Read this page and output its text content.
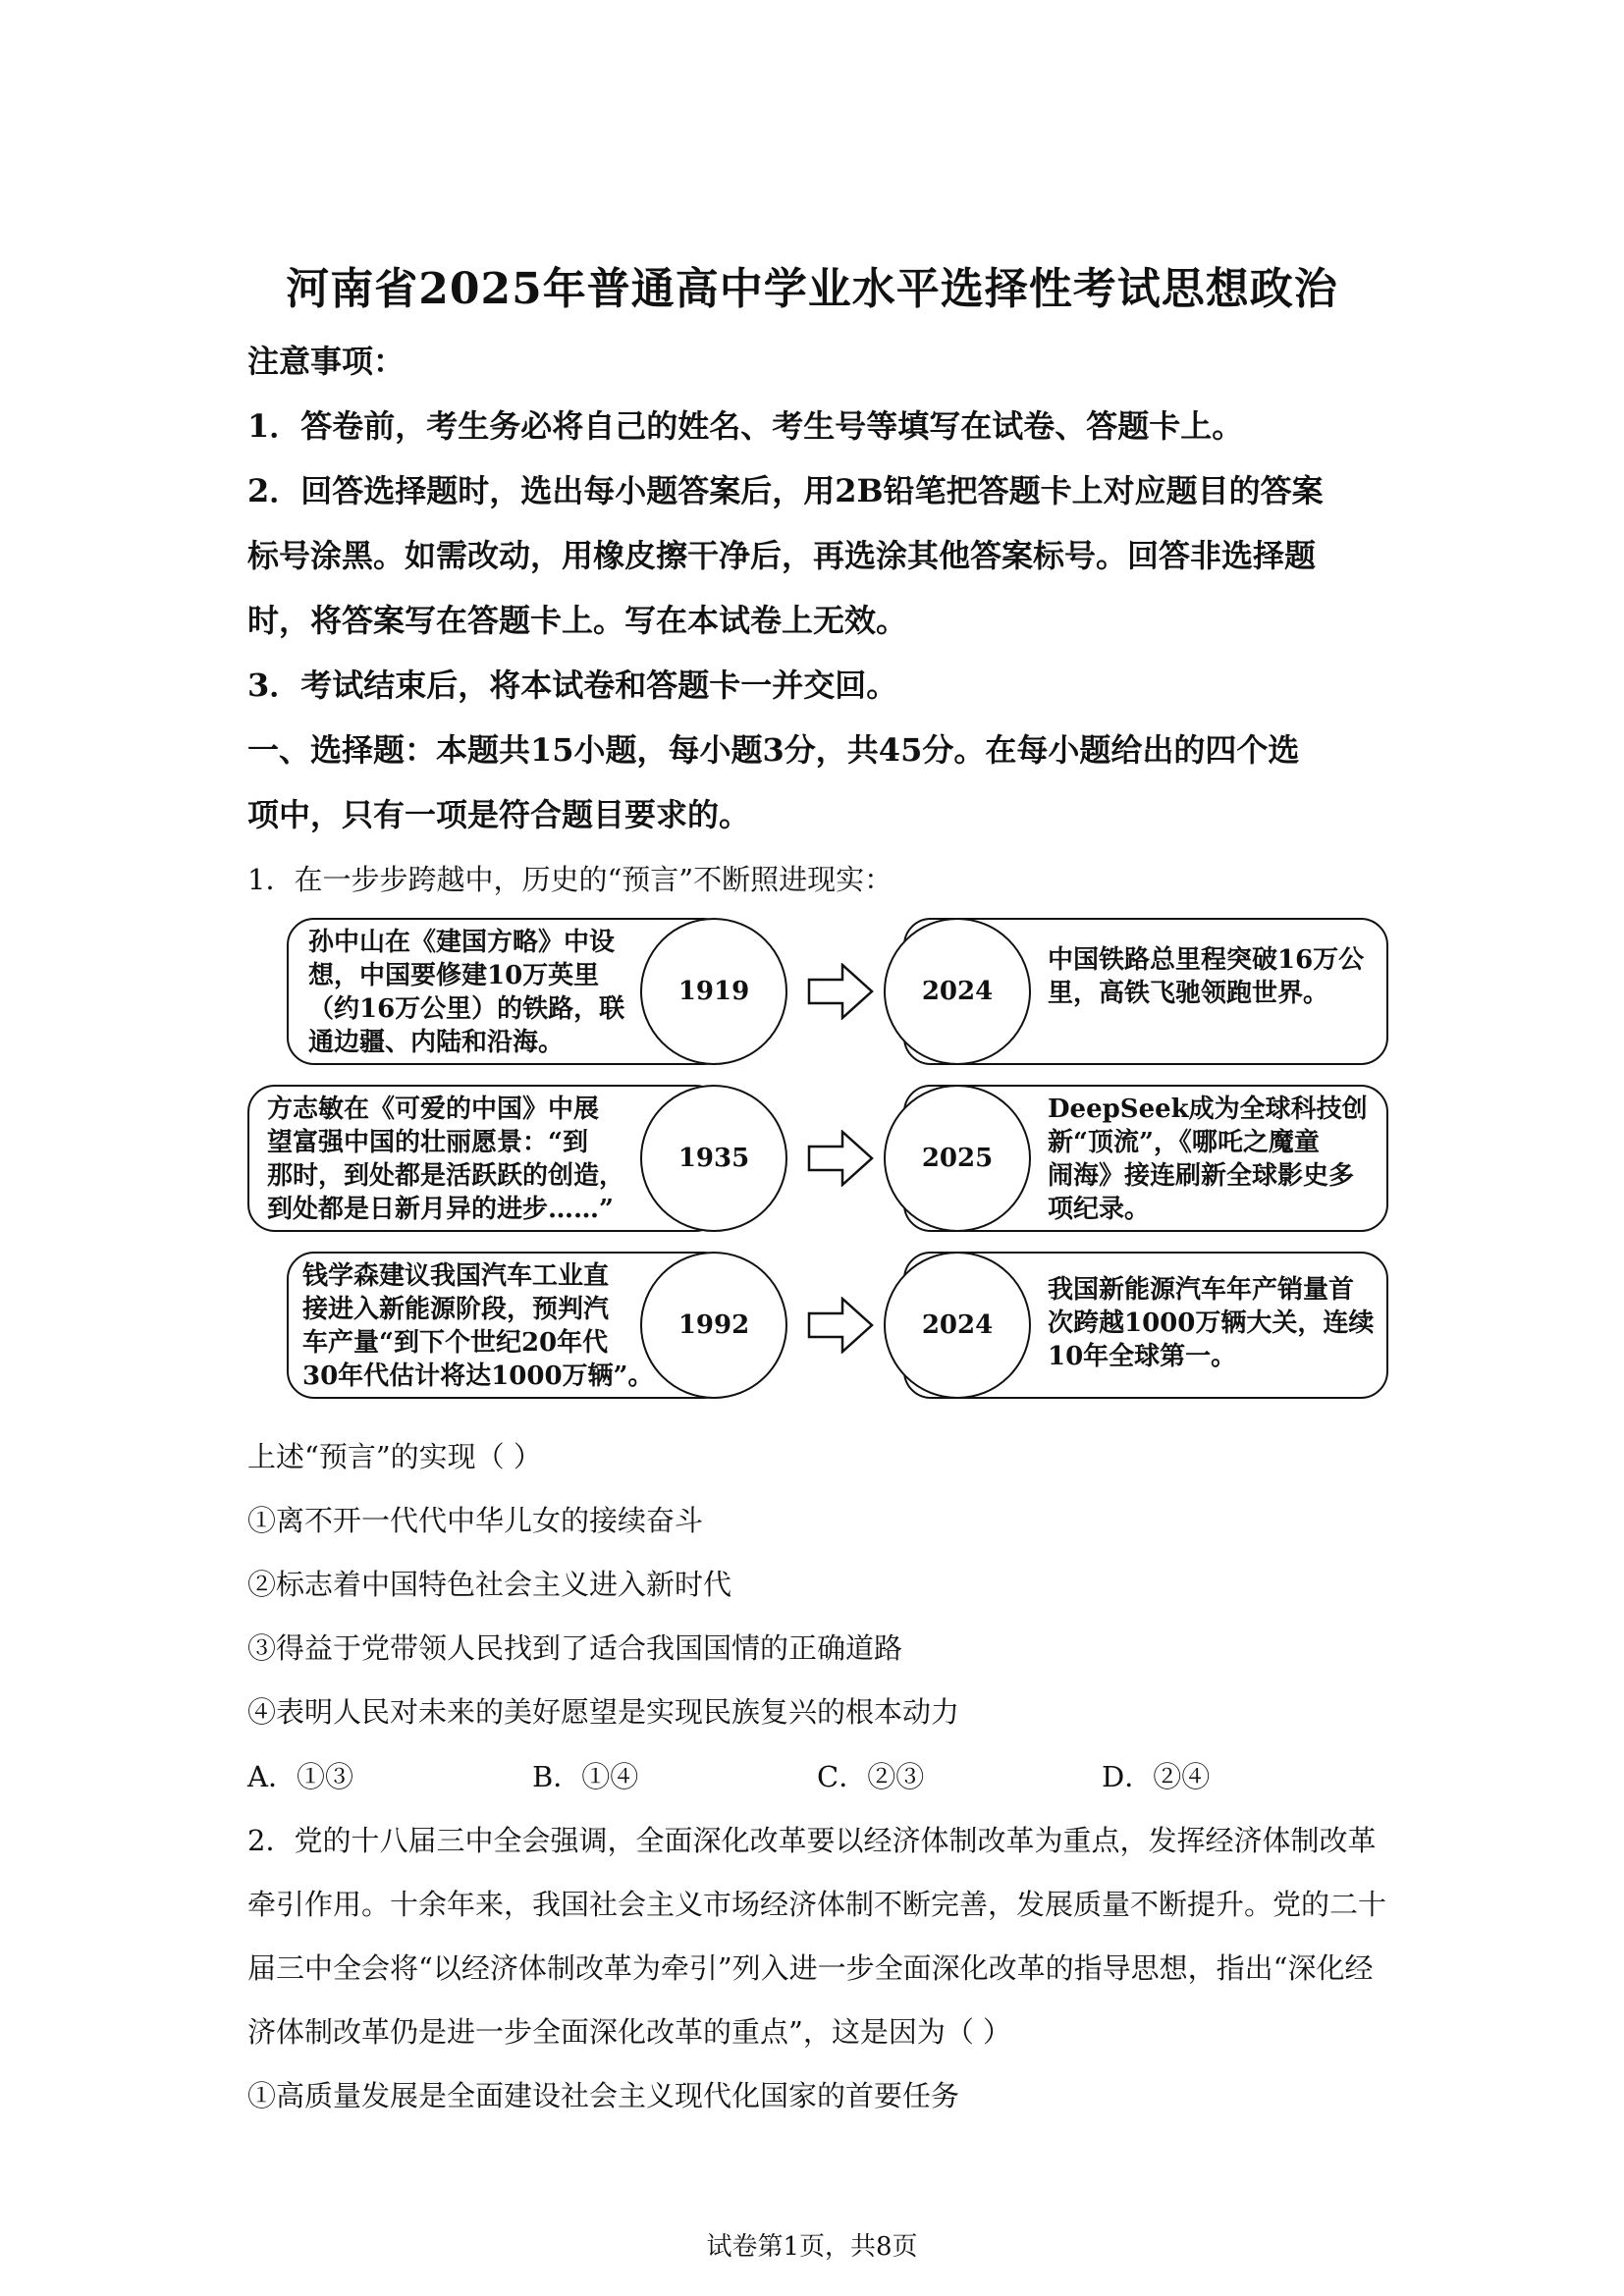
河南省2025年普通高中学业水平选择性考试思想政治
注意事项：
1．答卷前，考生务必将自己的姓名、考生号等填写在试卷、答题卡上。
2．回答选择题时，选出每小题答案后，用2B铅笔把答题卡上对应题目的答案
标号涂黑。如需改动，用橡皮擦干净后，再选涂其他答案标号。回答非选择题
时，将答案写在答题卡上。写在本试卷上无效。
3．考试结束后，将本试卷和答题卡一并交回。
一、选择题：本题共15小题，每小题3分，共45分。在每小题给出的四个选
项中，只有一项是符合题目要求的。
1．在一步步跨越中，历史的“预言”不断照进现实：
孙中山在《建国方略》中设
想，中国要修建10万英里
（约16万公里）的铁路，联
通边疆、内陆和沿海。
1919
中国铁路总里程突破16万公
里，高铁飞驰领跑世界。
2024
方志敏在《可爱的中国》中展
望富强中国的壮丽愿景：“到
那时，到处都是活跃跃的创造，
到处都是日新月异的进步……”
1935
DeepSeek成为全球科技创
新“顶流”，《哪吒之魔童
闹海》接连刷新全球影史多
项纪录。
2025
钱学森建议我国汽车工业直
接进入新能源阶段，预判汽
车产量“到下个世纪20年代
30年代估计将达1000万辆”。
1992
我国新能源汽车年产销量首
次跨越1000万辆大关，连续
10年全球第一。
2024
上述“预言”的实现（ ）
①离不开一代代中华儿女的接续奋斗
②标志着中国特色社会主义进入新时代
③得益于党带领人民找到了适合我国国情的正确道路
④表明人民对未来的美好愿望是实现民族复兴的根本动力
A．①③	B．①④	C．②③	D．②④
2．党的十八届三中全会强调，全面深化改革要以经济体制改革为重点，发挥经济体制改革
牵引作用。十余年来，我国社会主义市场经济体制不断完善，发展质量不断提升。党的二十
届三中全会将“以经济体制改革为牵引”列入进一步全面深化改革的指导思想，指出“深化经
济体制改革仍是进一步全面深化改革的重点”，这是因为（ ）
①高质量发展是全面建设社会主义现代化国家的首要任务
试卷第1页，共8页
